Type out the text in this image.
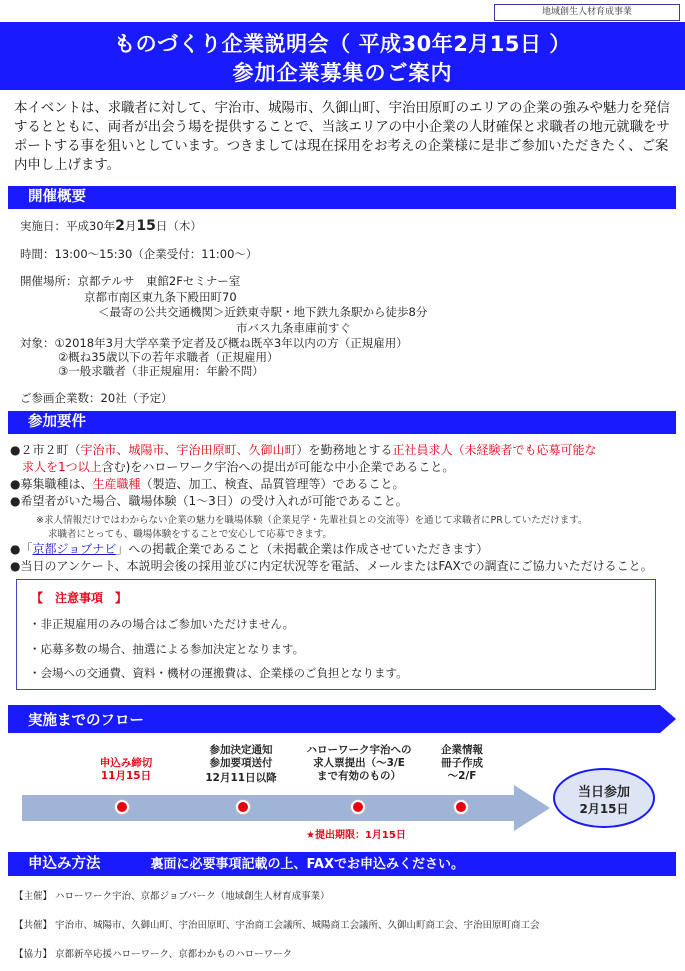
地域創生人材育成事業
ものづくり企業説明会（ 平成30年2月15日 ）
参加企業募集のご案内
本イベントは、求職者に対して、宇治市、城陽市、久御山町、宇治田原町のエリアの企業の強みや魅力を発信するとともに、両者が出会う場を提供することで、当該エリアの中小企業の人財確保と求職者の地元就職をサポートする事を狙いとしています。つきましては現在採用をお考えの企業様に是非ご参加いただきたく、ご案内申し上げます。
開催概要
実施日：平成30年2月15日（木）
時間：13:00～15:30（企業受付：11:00～）
開催場所：京都テルサ　東館2Fセミナー室
京都市南区東九条下殿田町70
＜最寄の公共交通機関＞近鉄東寺駅・地下鉄九条駅から徒歩8分
市バス九条車庫前すぐ
対象：①2018年3月大学卒業予定者及び概ね既卒3年以内の方（正規雇用）
②概ね35歳以下の若年求職者（正規雇用）
③一般求職者（非正規雇用：年齢不問）
ご参画企業数：20社（予定）
参加要件
●２市２町（宇治市、城陽市、宇治田原町、久御山町）を勤務地とする正社員求人（未経験者でも応募可能な
求人を1つ以上含む)をハローワーク宇治への提出が可能な中小企業であること。
●募集職種は、生産職種（製造、加工、検査、品質管理等）であること。
●希望者がいた場合、職場体験（1～3日）の受け入れが可能であること。
※求人情報だけではわからない企業の魅力を職場体験（企業見学・先輩社員との交流等）を通じて求職者にPRしていただけます。
求職者にとっても、職場体験をすることで安心して応募できます。
●「京都ジョブナビ」への掲載企業であること（未掲載企業は作成させていただきます）
●当日のアンケート、本説明会後の採用並びに内定状況等を電話、メールまたはFAXでの調査にご協力いただけること。
【　注意事項　】
・非正規雇用のみの場合はご参加いただけません。
・応募多数の場合、抽選による参加決定となります。
・会場への交通費、資料・機材の運搬費は、企業様のご負担となります。
実施までのフロー
申込み締切
11月15日
参加決定通知
参加要項送付
12月11日以降
ハローワーク宇治への
求人票提出（～3/E
まで有効のもの）
★提出期限：1月15日
企業情報
冊子作成
～2/F
当日参加
2月15日
申込み方法	裏面に必要事項記載の上、FAXでお申込みください。
【主催】 ハローワーク宇治、京都ジョブパーク（地域創生人材育成事業）
【共催】 宇治市、城陽市、久御山町、宇治田原町、宇治商工会議所、城陽商工会議所、久御山町商工会、宇治田原町商工会
【協力】 京都新卒応援ハローワーク、京都わかものハローワーク
